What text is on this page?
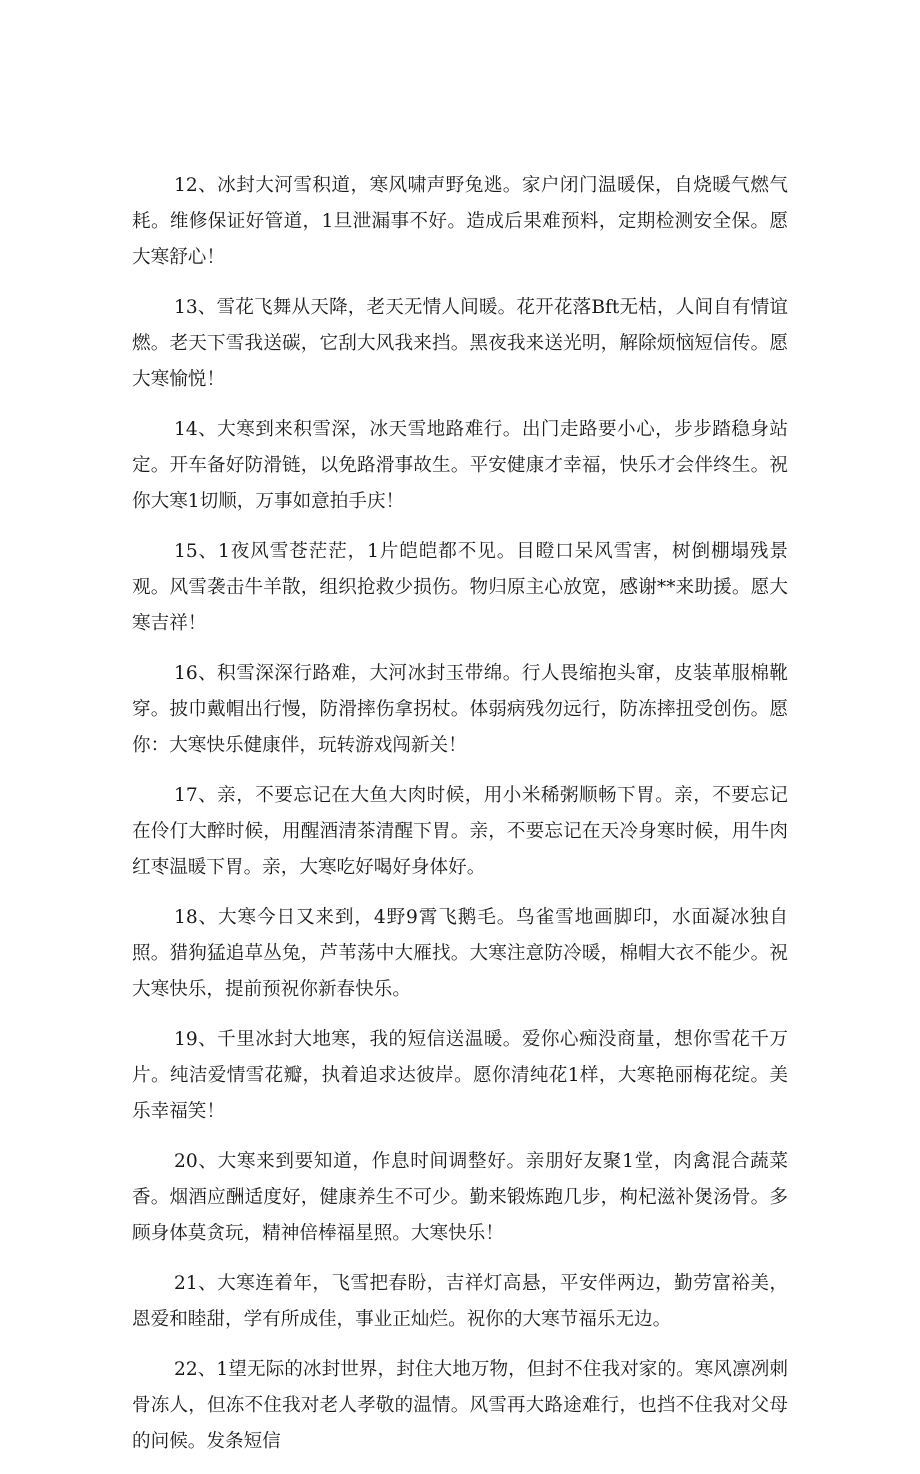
12、冰封大河雪积道，寒风啸声野兔逃。家户闭门温暖保，自烧暖气燃气耗。维修保证好管道，1旦泄漏事不好。造成后果难预料，定期检测安全保。愿大寒舒心！

13、雪花飞舞从天降，老天无情人间暖。花开花落Bft无枯，人间自有情谊燃。老天下雪我送碳，它刮大风我来挡。黑夜我来送光明，解除烦恼短信传。愿大寒愉悦！

14、大寒到来积雪深，冰天雪地路难行。出门走路要小心，步步踏稳身站定。开车备好防滑链，以免路滑事故生。平安健康才幸福，快乐才会伴终生。祝你大寒1切顺，万事如意拍手庆！

15、1夜风雪苍茫茫，1片皑皑都不见。目瞪口呆风雪害，树倒棚塌残景观。风雪袭击牛羊散，组织抢救少损伤。物归原主心放宽，感谢**来助援。愿大寒吉祥！

16、积雪深深行路难，大河冰封玉带绵。行人畏缩抱头窜，皮装革服棉靴穿。披巾戴帽出行慢，防滑摔伤拿拐杖。体弱病残勿远行，防冻摔扭受创伤。愿你：大寒快乐健康伴，玩转游戏闯新关！

17、亲，不要忘记在大鱼大肉时候，用小米稀粥顺畅下胃。亲，不要忘记在伶仃大醉时候，用醒酒清茶清醒下胃。亲，不要忘记在天冷身寒时候，用牛肉红枣温暖下胃。亲，大寒吃好喝好身体好。

18、大寒今日又来到，4野9霄飞鹅毛。鸟雀雪地画脚印，水面凝冰独自照。猎狗猛追草丛兔，芦苇荡中大雁找。大寒注意防冷暖，棉帽大衣不能少。祝大寒快乐，提前预祝你新春快乐。

19、千里冰封大地寒，我的短信送温暖。爱你心痴没商量，想你雪花千万片。纯洁爱情雪花瓣，执着追求达彼岸。愿你清纯花1样，大寒艳丽梅花绽。美乐幸福笑！

20、大寒来到要知道，作息时间调整好。亲朋好友聚1堂，肉禽混合蔬菜香。烟酒应酬适度好，健康养生不可少。勤来锻炼跑几步，枸杞滋补煲汤骨。多顾身体莫贪玩，精神倍棒福星照。大寒快乐！

21、大寒连着年，飞雪把春盼，吉祥灯高悬，平安伴两边，勤劳富裕美，恩爱和睦甜，学有所成佳，事业正灿烂。祝你的大寒节福乐无边。

22、1望无际的冰封世界，封住大地万物，但封不住我对家的。寒风凛冽刺骨冻人，但冻不住我对老人孝敬的温情。风雪再大路途难行，也挡不住我对父母的问候。发条短信
